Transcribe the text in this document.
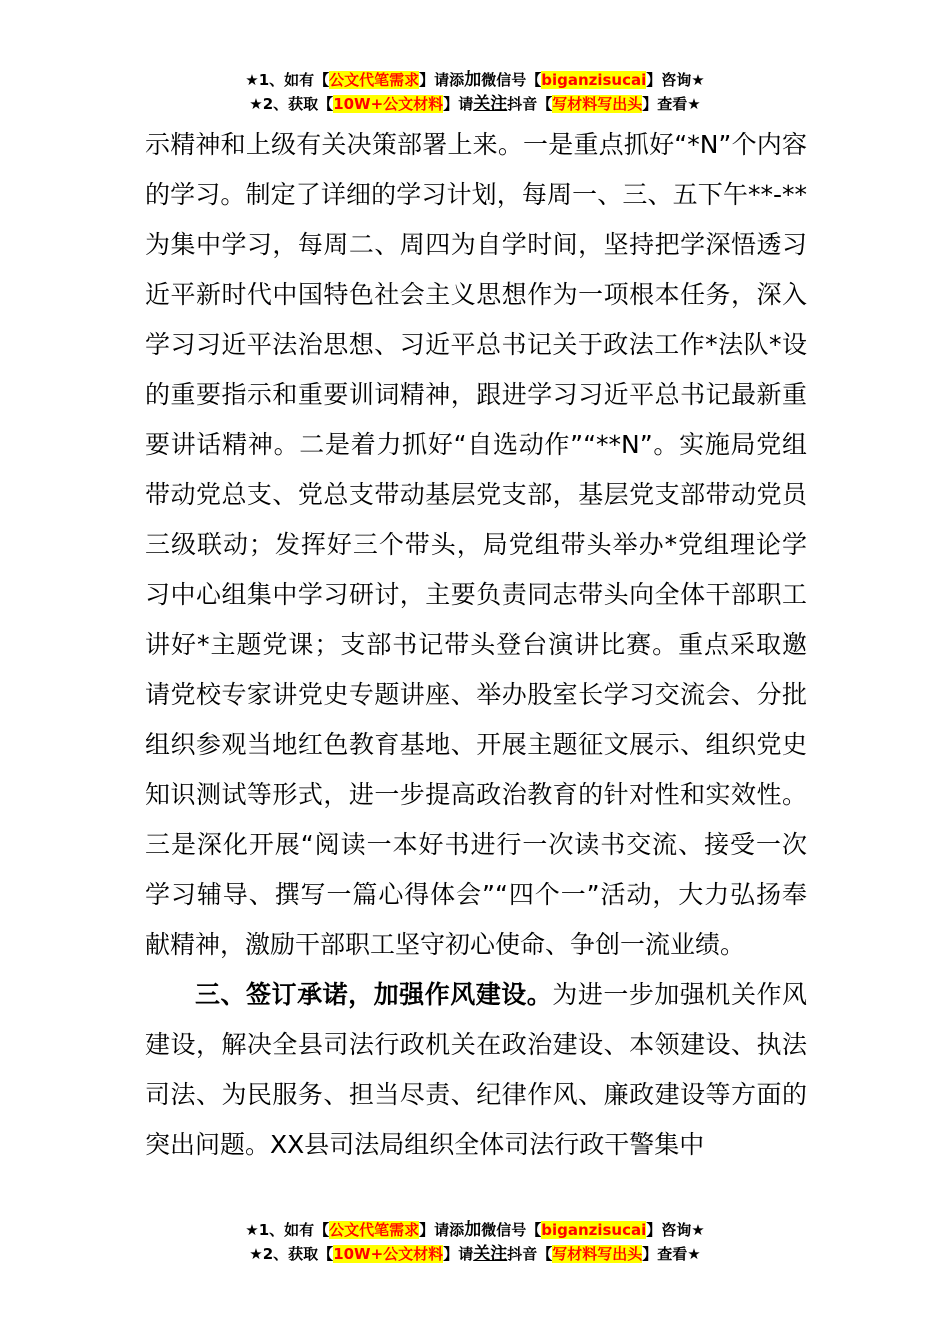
★1、如有【公文代笔需求】请添加微信号【biganzisucai】咨询★
★2、获取【10W+公文材料】请关注抖音【写材料写出头】查看★

示精神和上级有关决策部署上来。一是重点抓好“*N”个内容的学习。制定了详细的学习计划，每周一、三、五下午**-**为集中学习，每周二、周四为自学时间，坚持把学深悟透习近平新时代中国特色社会主义思想作为一项根本任务，深入学习习近平法治思想、习近平总书记关于政法工作*法队*设的重要指示和重要训词精神，跟进学习习近平总书记最新重要讲话精神。二是着力抓好“自选动作”“**N”。实施局党组带动党总支、党总支带动基层党支部，基层党支部带动党员三级联动；发挥好三个带头，局党组带头举办*党组理论学习中心组集中学习研讨，主要负责同志带头向全体干部职工讲好*主题党课；支部书记带头登台演讲比赛。重点采取邀请党校专家讲党史专题讲座、举办股室长学习交流会、分批组织参观当地红色教育基地、开展主题征文展示、组织党史知识测试等形式，进一步提高政治教育的针对性和实效性。三是深化开展“阅读一本好书进行一次读书交流、接受一次学习辅导、撰写一篇心得体会”“四个一”活动，大力弘扬奉献精神，激励干部职工坚守初心使命、争创一流业绩。

三、签订承诺，加强作风建设。为进一步加强机关作风建设，解决全县司法行政机关在政治建设、本领建设、执法司法、为民服务、担当尽责、纪律作风、廉政建设等方面的突出问题。XX县司法局组织全体司法行政干警集中

★1、如有【公文代笔需求】请添加微信号【biganzisucai】咨询★
★2、获取【10W+公文材料】请关注抖音【写材料写出头】查看★
